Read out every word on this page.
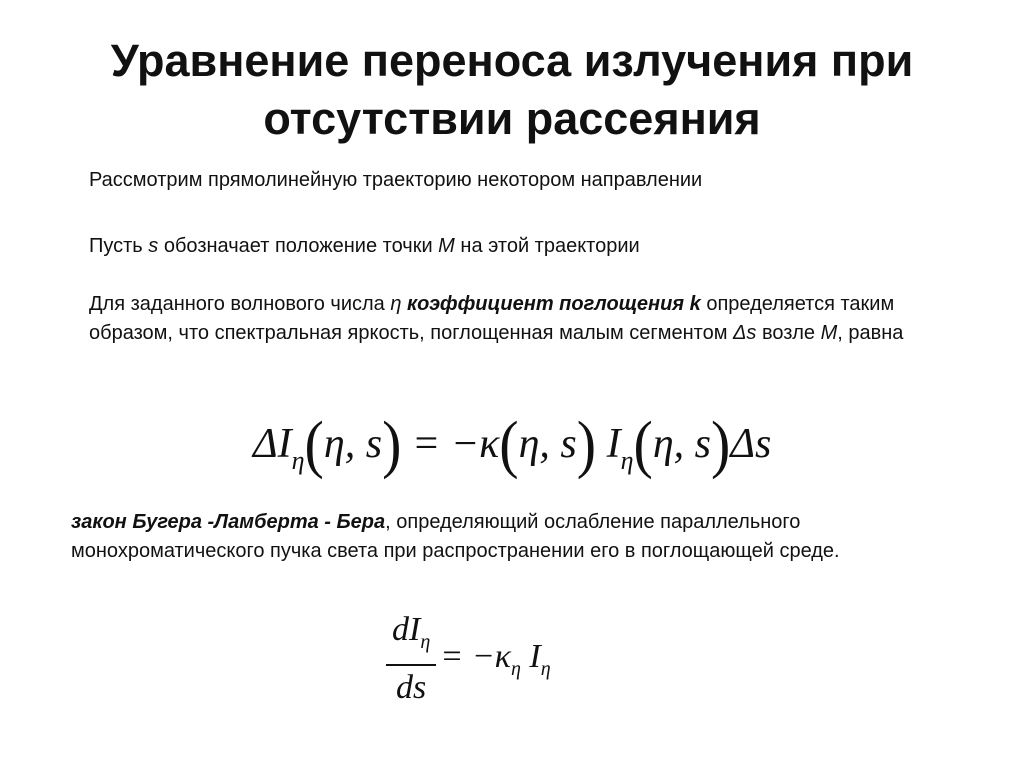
Уравнение переноса излучения при
отсутствии рассеяния

Рассмотрим прямолинейную траекторию некотором направлении

Пусть s обозначает положение точки M на этой траектории

Для заданного волнового числа η коэффициент поглощения k определяется таким образом, что спектральная яркость, поглощенная малым сегментом Δs возле M, равна

$\Delta I_\eta(\eta$, s) = −κ(η, s) $I_\eta(\eta$, s)Δs

закон Бугера -Ламберта - Бера, определяющий ослабление параллельного монохроматического пучка света при распространении его в поглощающей среде.

$\frac{dI_\eta}{ds} = -\kappa_\eta$ $I_\eta$
